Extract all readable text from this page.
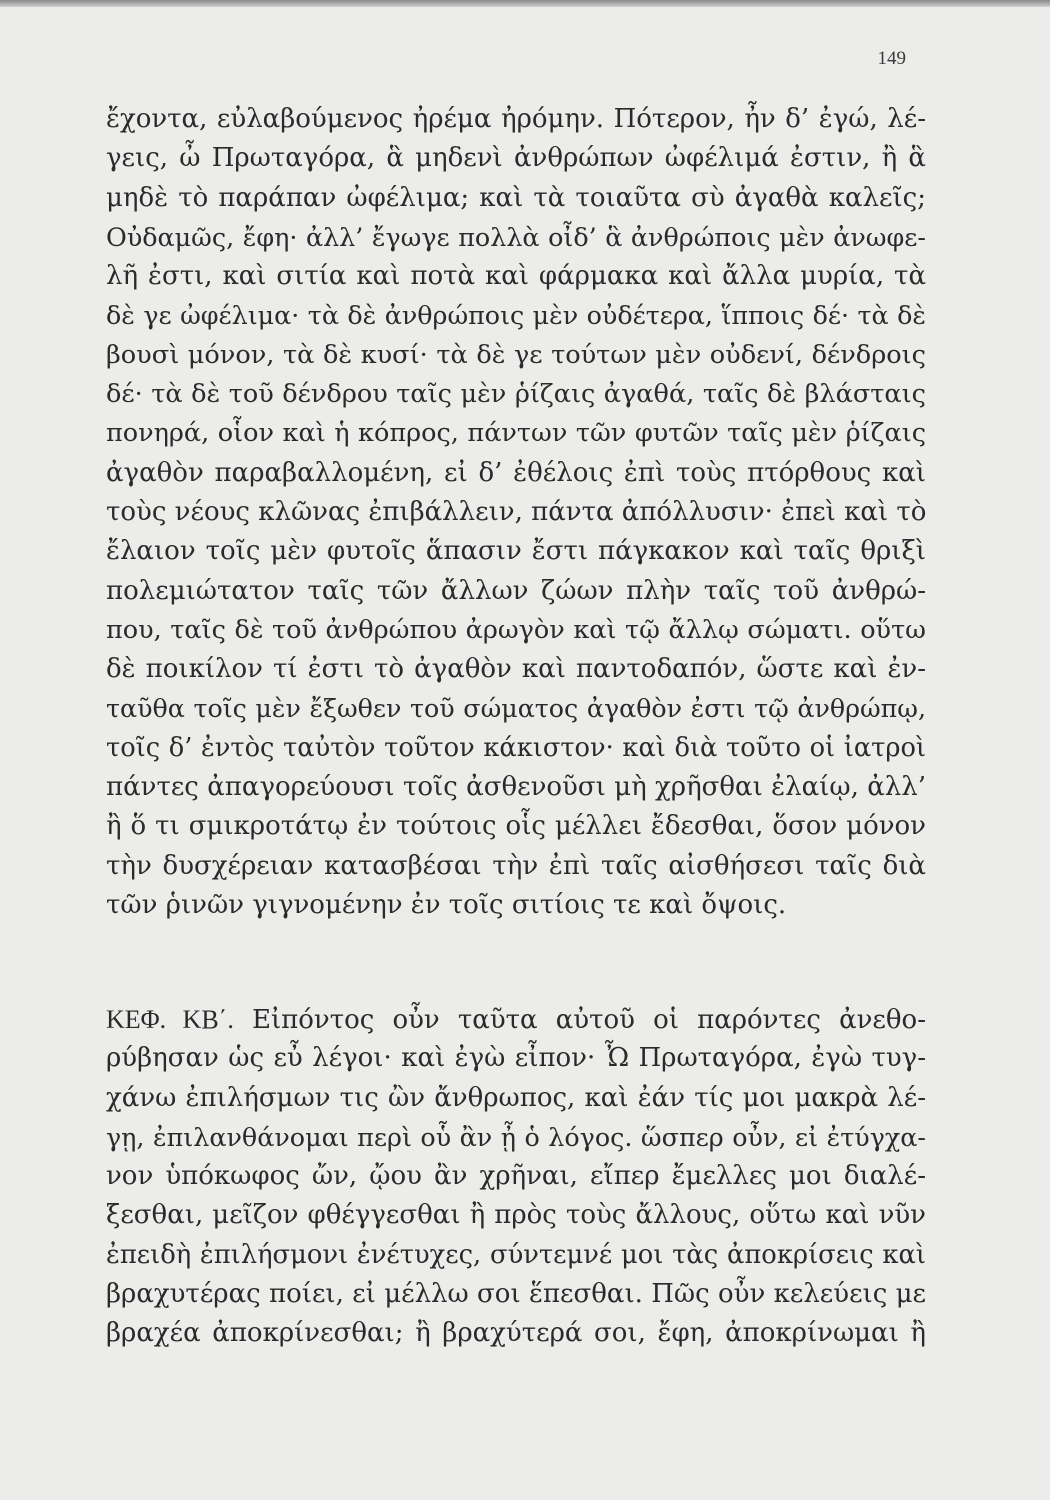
149
ἔχοντα, εὐλαβούμενος ἠρέμα ἠρόμην. Πότερον, ἦν δ’ ἐγώ, λέ-
γεις, ὦ Πρωταγόρα, ἃ μηδενὶ ἀνθρώπων ὠφέλιμά ἐστιν, ἢ ἃ
μηδὲ τὸ παράπαν ὠφέλιμα; καὶ τὰ τοιαῦτα σὺ ἀγαθὰ καλεῖς;
Οὐδαμῶς, ἔφη· ἀλλ’ ἔγωγε πολλὰ οἶδ’ ἃ ἀνθρώποις μὲν ἀνωφε-
λῆ ἐστι, καὶ σιτία καὶ ποτὰ καὶ φάρμακα καὶ ἄλλα μυρία, τὰ
δὲ γε ὠφέλιμα· τὰ δὲ ἀνθρώποις μὲν οὐδέτερα, ἵπποις δέ· τὰ δὲ
βουσὶ μόνον, τὰ δὲ κυσί· τὰ δὲ γε τούτων μὲν οὐδενί, δένδροις
δέ· τὰ δὲ τοῦ δένδρου ταῖς μὲν ῥίζαις ἀγαθά, ταῖς δὲ βλάσταις
πονηρά, οἷον καὶ ἡ κόπρος, πάντων τῶν φυτῶν ταῖς μὲν ῥίζαις
ἀγαθὸν παραβαλλομένη, εἰ δ’ ἐθέλοις ἐπὶ τοὺς πτόρθους καὶ
τοὺς νέους κλῶνας ἐπιβάλλειν, πάντα ἀπόλλυσιν· ἐπεὶ καὶ τὸ
ἔλαιον τοῖς μὲν φυτοῖς ἅπασιν ἔστι πάγκακον καὶ ταῖς θριξὶ
πολεμιώτατον ταῖς τῶν ἄλλων ζώων πλὴν ταῖς τοῦ ἀνθρώ-
που, ταῖς δὲ τοῦ ἀνθρώπου ἀρωγὸν καὶ τῷ ἄλλῳ σώματι. οὕτω
δὲ ποικίλον τί ἐστι τὸ ἀγαθὸν καὶ παντοδαπόν, ὥστε καὶ ἐν-
ταῦθα τοῖς μὲν ἔξωθεν τοῦ σώματος ἀγαθὸν ἐστι τῷ ἀνθρώπῳ,
τοῖς δ’ ἐντὸς ταὐτὸν τοῦτον κάκιστον· καὶ διὰ τοῦτο οἱ ἰατροὶ
πάντες ἀπαγορεύουσι τοῖς ἀσθενοῦσι μὴ χρῆσθαι ἐλαίῳ, ἀλλ’
ἢ ὅ τι σμικροτάτῳ ἐν τούτοις οἷς μέλλει ἔδεσθαι, ὅσον μόνον
τὴν δυσχέρειαν κατασβέσαι τὴν ἐπὶ ταῖς αἰσθήσεσι ταῖς διὰ
τῶν ῥινῶν γιγνομένην ἐν τοῖς σιτίοις τε καὶ ὄψοις.
ΚΕΦ. ΚΒ΄. Εἰπόντος οὖν ταῦτα αὐτοῦ οἱ παρόντες ἀνεθο-
ρύβησαν ὡς εὖ λέγοι· καὶ ἐγὼ εἶπον· Ὦ Πρωταγόρα, ἐγὼ τυγ-
χάνω ἐπιλήσμων τις ὢν ἄνθρωπος, καὶ ἐάν τίς μοι μακρὰ λέ-
γῃ, ἐπιλανθάνομαι περὶ οὗ ἂν ᾖ ὁ λόγος. ὥσπερ οὖν, εἰ ἐτύγχα-
νον ὑπόκωφος ὤν, ᾤου ἂν χρῆναι, εἴπερ ἔμελλες μοι διαλέ-
ξεσθαι, μεῖζον φθέγγεσθαι ἢ πρὸς τοὺς ἄλλους, οὕτω καὶ νῦν
ἐπειδὴ ἐπιλήσμονι ἐνέτυχες, σύντεμνέ μοι τὰς ἀποκρίσεις καὶ
βραχυτέρας ποίει, εἰ μέλλω σοι ἕπεσθαι. Πῶς οὖν κελεύεις με
βραχέα ἀποκρίνεσθαι; ἢ βραχύτερά σοι, ἔφη, ἀποκρίνωμαι ἢ
